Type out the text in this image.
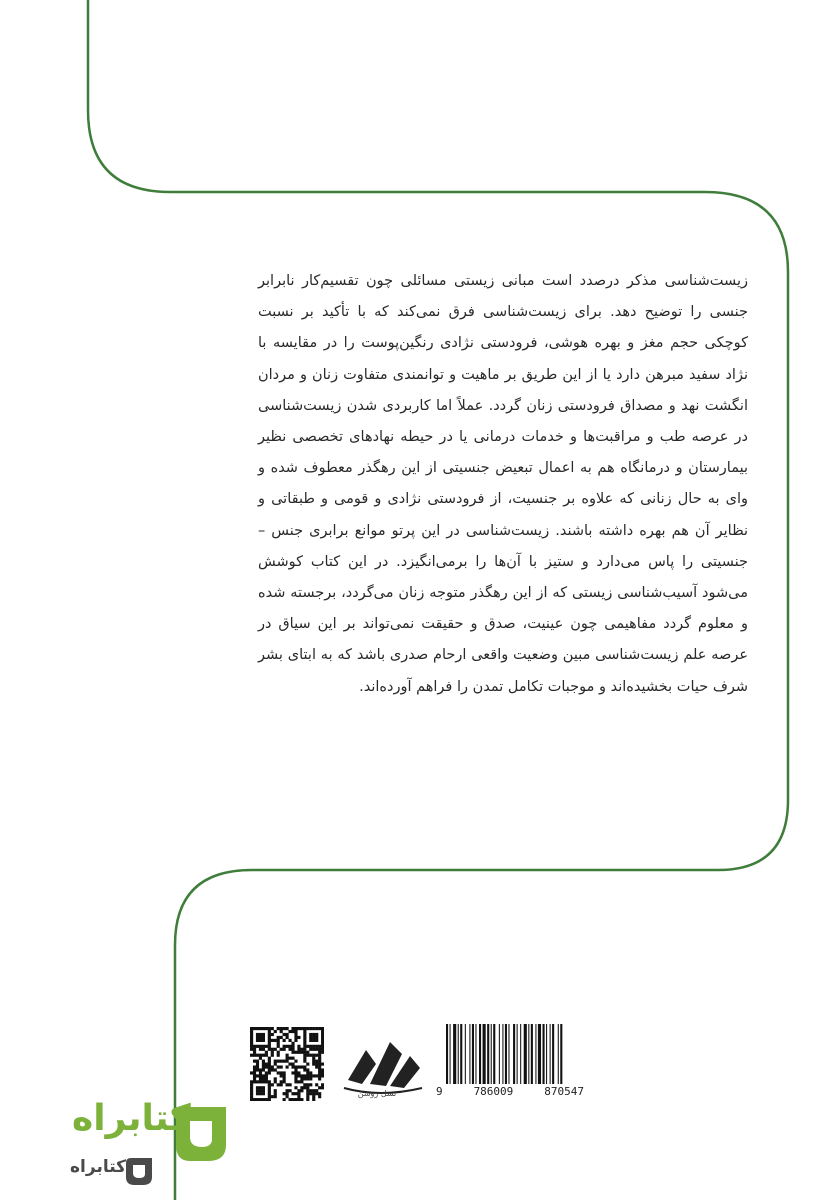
زیست‌شناسی مذکر درصدد است مبانی زیستی مسائلی چون تقسیم‌کار نابرابر جنسی را توضیح دهد. برای زیست‌شناسی فرق نمی‌کند که با تأکید بر نسبت کوچکی حجم مغز و بهره هوشی، فرودستی نژادی رنگین‌پوست را در مقایسه با نژاد سفید مبرهن دارد یا از این طریق بر ماهیت و توانمندی متفاوت زنان و مردان انگشت نهد و مصداق فرودستی زنان گردد. عملاً اما کاربردی شدن زیست‌شناسی در عرصه طب و مراقبت‌ها و خدمات درمانی یا در حیطه نهادهای تخصصی نظیر بیمارستان و درمانگاه هم به اعمال تبعیض جنسیتی از این رهگذر معطوف شده و وای به حال زنانی که علاوه بر جنسیت، از فرودستی نژادی و قومی و طبقاتی و نظایر آن هم بهره داشته باشند. زیست‌شناسی در این پرتو موانع برابری جنس – جنسیتی را پاس می‌دارد و ستیز با آن‌ها را برمی‌انگیزد. در این کتاب کوشش می‌شود آسیب‌شناسی زیستی که از این رهگذر متوجه زنان می‌گردد، برجسته شده و معلوم گردد مفاهیمی چون عینیت، صدق و حقیقت نمی‌تواند بر این سیاق در عرصه علم زیست‌شناسی مبین وضعیت واقعی ارحام صدری باشد که به ابتای بشر شرف حیات بخشیده‌اند و موجبات تکامل تمدن را فراهم آورده‌اند.

نسل روشن	9	786009	870547
کتابراه
کتابراه
